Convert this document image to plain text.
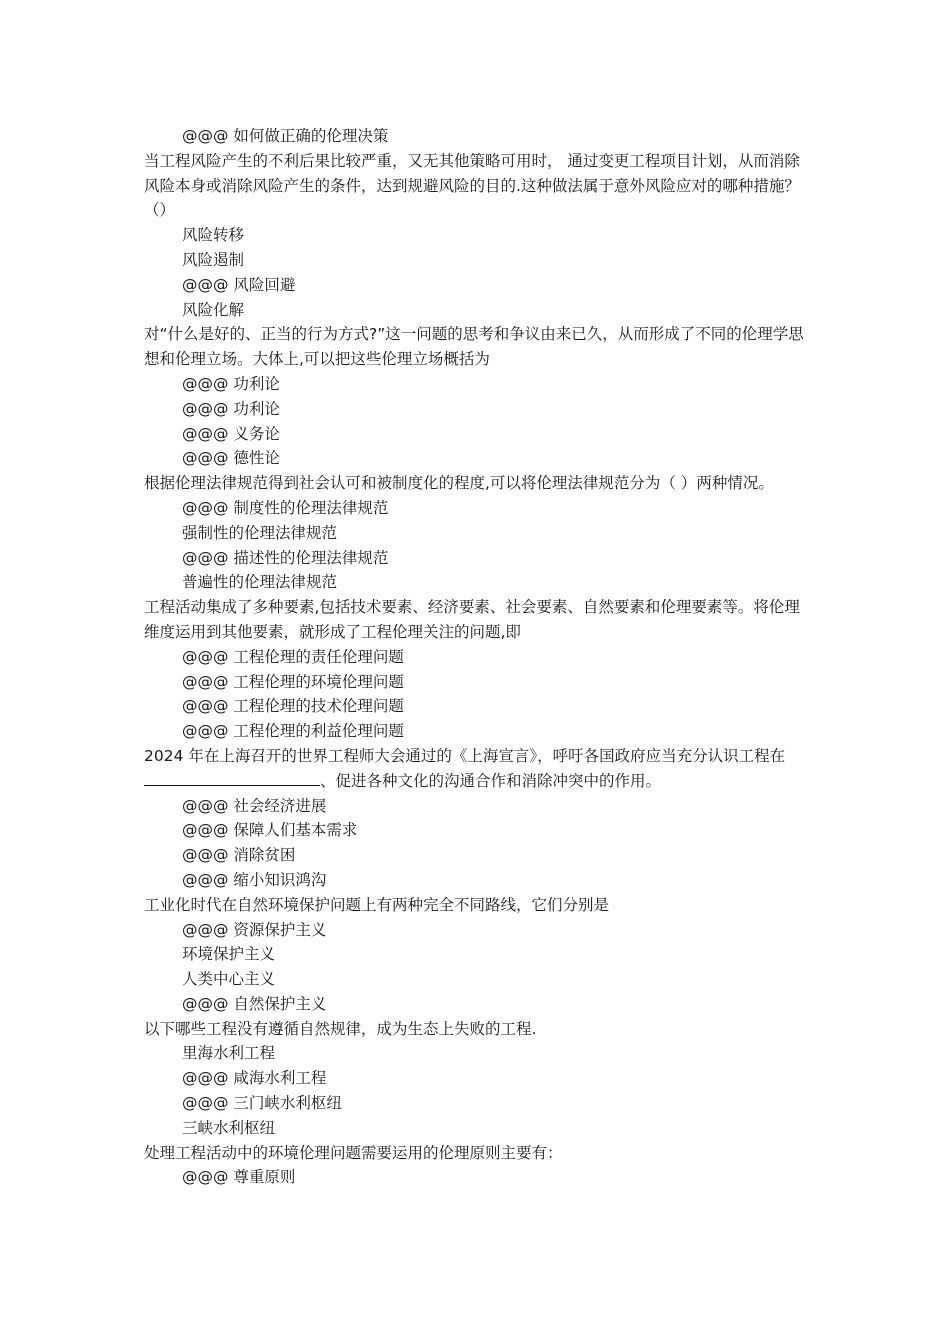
@@@ 如何做正确的伦理决策

当工程风险产生的不利后果比较严重，又无其他策略可用时， 通过变更工程项目计划，从而消除风险本身或消除风险产生的条件，达到规避风险的目的.这种做法属于意外风险应对的哪种措施？（）

风险转移

风险遏制

@@@ 风险回避

风险化解

对“什么是好的、正当的行为方式?”这一问题的思考和争议由来已久，从而形成了不同的伦理学思想和伦理立场。大体上,可以把这些伦理立场概括为

@@@ 功利论

@@@ 功利论

@@@ 义务论

@@@ 德性论

根据伦理法律规范得到社会认可和被制度化的程度,可以将伦理法律规范分为（ ）两种情况。

@@@ 制度性的伦理法律规范

强制性的伦理法律规范

@@@ 描述性的伦理法律规范

普遍性的伦理法律规范

工程活动集成了多种要素,包括技术要素、经济要素、社会要素、自然要素和伦理要素等。将伦理维度运用到其他要素，就形成了工程伦理关注的问题,即

@@@ 工程伦理的责任伦理问题

@@@ 工程伦理的环境伦理问题

@@@ 工程伦理的技术伦理问题

@@@ 工程伦理的利益伦理问题

2024 年在上海召开的世界工程师大会通过的《上海宣言》，呼吁各国政府应当充分认识工程在、促进各种文化的沟通合作和消除冲突中的作用。

@@@ 社会经济进展

@@@ 保障人们基本需求

@@@ 消除贫困

@@@ 缩小知识鸿沟

工业化时代在自然环境保护问题上有两种完全不同路线，它们分别是

@@@ 资源保护主义

环境保护主义

人类中心主义

@@@ 自然保护主义

以下哪些工程没有遵循自然规律，成为生态上失败的工程.

里海水利工程

@@@ 咸海水利工程

@@@ 三门峡水利枢纽

三峡水利枢纽

处理工程活动中的环境伦理问题需要运用的伦理原则主要有：

@@@ 尊重原则
